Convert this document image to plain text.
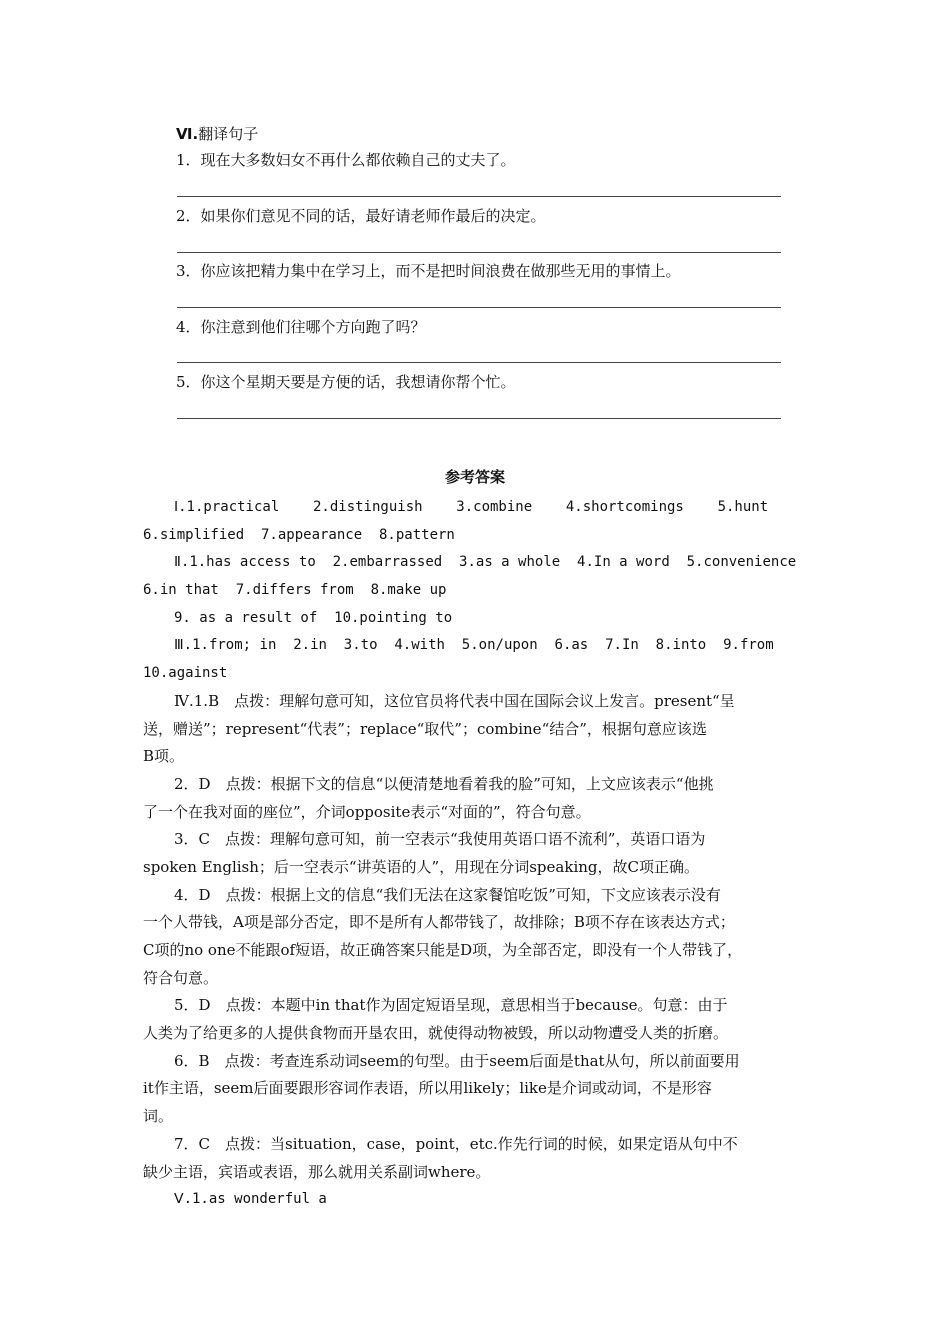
Ⅵ.翻译句子
1．现在大多数妇女不再什么都依赖自己的丈夫了。
2．如果你们意见不同的话，最好请老师作最后的决定。
3．你应该把精力集中在学习上，而不是把时间浪费在做那些无用的事情上。
4．你注意到他们往哪个方向跑了吗？
5．你这个星期天要是方便的话，我想请你帮个忙。
参考答案
Ⅰ.1.practical    2.distinguish    3.combine    4.shortcomings    5.hunt
6.simplified  7.appearance  8.pattern
Ⅱ.1.has access to  2.embarrassed  3.as a whole  4.In a word  5.convenience
6.in that  7.differs from  8.make up
9. as a result of  10.pointing to
Ⅲ.1.from; in  2.in  3.to  4.with  5.on/upon  6.as  7.In  8.into  9.from
10.against
Ⅳ.1.B　点拨：理解句意可知，这位官员将代表中国在国际会议上发言。present“呈
送，赠送”；represent“代表”；replace“取代”；combine“结合”，根据句意应该选
B项。
2．D　点拨：根据下文的信息“以便清楚地看着我的脸”可知，上文应该表示“他挑
了一个在我对面的座位”，介词opposite表示“对面的”，符合句意。
3．C　点拨：理解句意可知，前一空表示“我使用英语口语不流利”，英语口语为
spoken English；后一空表示“讲英语的人”，用现在分词speaking，故C项正确。
4．D　点拨：根据上文的信息“我们无法在这家餐馆吃饭”可知，下文应该表示没有
一个人带钱，A项是部分否定，即不是所有人都带钱了，故排除；B项不存在该表达方式；
C项的no one不能跟of短语，故正确答案只能是D项，为全部否定，即没有一个人带钱了，
符合句意。
5．D　点拨：本题中in that作为固定短语呈现，意思相当于because。句意：由于
人类为了给更多的人提供食物而开垦农田，就使得动物被毁，所以动物遭受人类的折磨。
6．B　点拨：考查连系动词seem的句型。由于seem后面是that从句，所以前面要用
it作主语，seem后面要跟形容词作表语，所以用likely；like是介词或动词，不是形容
词。
7．C　点拨：当situation，case，point，etc.作先行词的时候，如果定语从句中不
缺少主语，宾语或表语，那么就用关系副词where。
Ⅴ.1.as wonderful a
